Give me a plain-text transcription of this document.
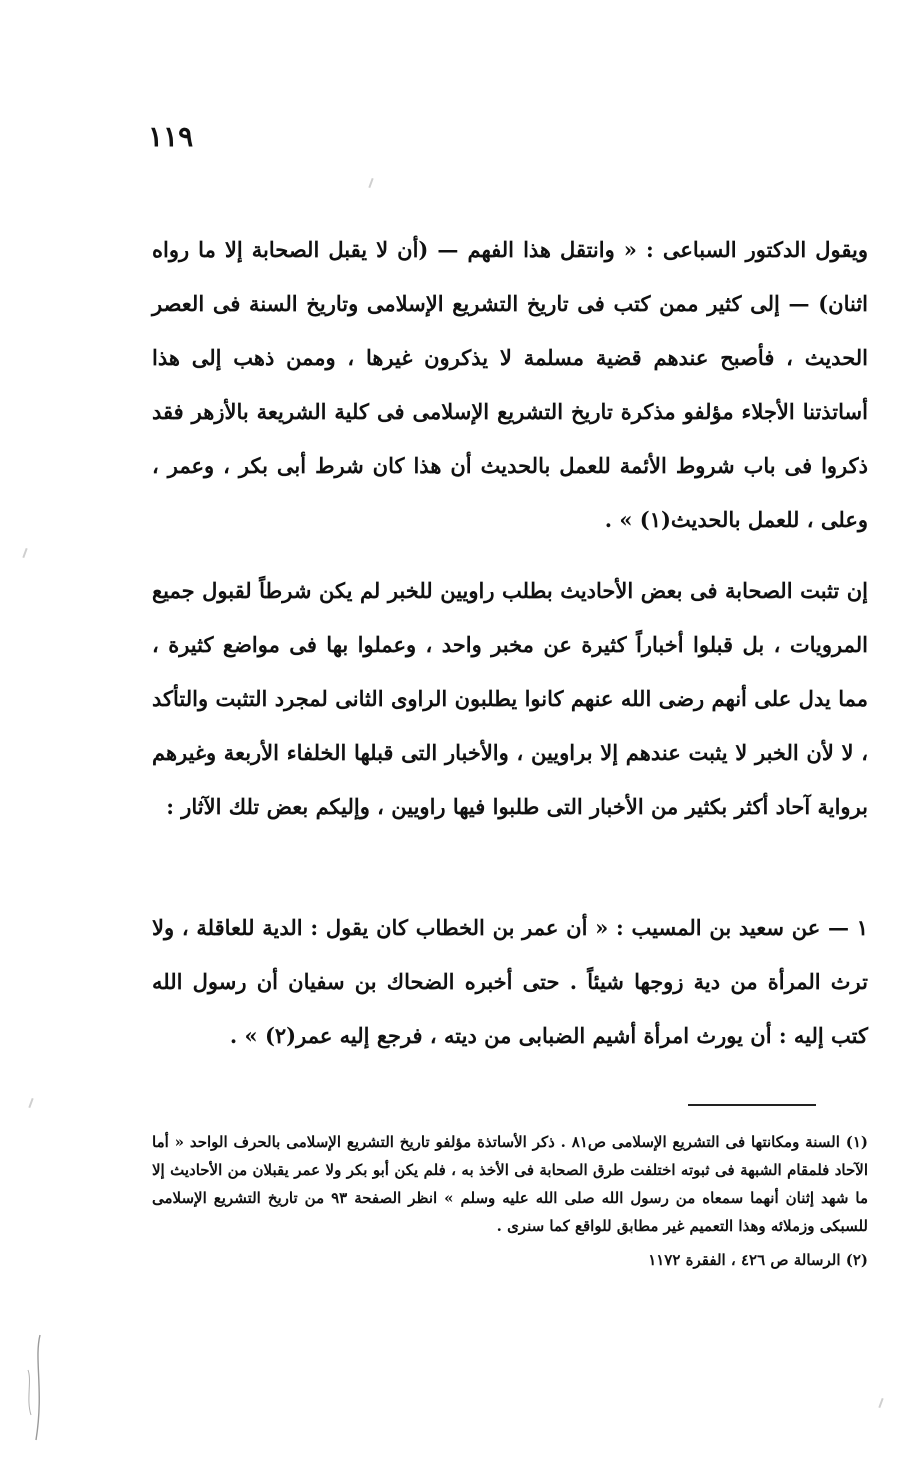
١١٩

ويقول الدكتور السباعى : « وانتقل هذا الفهم — (أن لا يقبل الصحابة إلا ما رواه اثنان) — إلى كثير ممن كتب فى تاريخ التشريع الإسلامى وتاريخ السنة فى العصر الحديث ، فأصبح عندهم قضية مسلمة لا يذكرون غيرها ، وممن ذهب إلى هذا أساتذتنا الأجلاء مؤلفو مذكرة تاريخ التشريع الإسلامى فى كلية الشريعة بالأزهر فقد ذكروا فى باب شروط الأئمة للعمل بالحديث أن هذا كان شرط أبى بكر ، وعمر ، وعلى ، للعمل بالحديث(١) » .

إن تثبت الصحابة فى بعض الأحاديث بطلب راويين للخبر لم يكن شرطاً لقبول جميع المرويات ، بل قبلوا أخباراً كثيرة عن مخبر واحد ، وعملوا بها فى مواضع كثيرة ، مما يدل على أنهم رضى الله عنهم كانوا يطلبون الراوى الثانى لمجرد التثبت والتأكد ، لا لأن الخبر لا يثبت عندهم إلا براويين ، والأخبار التى قبلها الخلفاء الأربعة وغيرهم برواية آحاد أكثر بكثير من الأخبار التى طلبوا فيها راويين ، وإليكم بعض تلك الآثار :

١ — عن سعيد بن المسيب : « أن عمر بن الخطاب كان يقول : الدية للعاقلة ، ولا ترث المرأة من دية زوجها شيئاً . حتى أخبره الضحاك بن سفيان أن رسول الله كتب إليه : أن يورث امرأة أشيم الضبابى من ديته ، فرجع إليه عمر(٢) » .

(١) السنة ومكانتها فى التشريع الإسلامى ص٨١ . ذكر الأساتذة مؤلفو تاريخ التشريع الإسلامى بالحرف الواحد « أما الآحاد فلمقام الشبهة فى ثبوته اختلفت طرق الصحابة فى الأخذ به ، فلم يكن أبو بكر ولا عمر يقبلان من الأحاديث إلا ما شهد إثنان أنهما سمعاه من رسول الله صلى الله عليه وسلم » انظر الصفحة ٩٣ من تاريخ التشريع الإسلامى للسبكى وزملائه وهذا التعميم غير مطابق للواقع كما سنرى .

(٢) الرسالة ص ٤٢٦ ، الفقرة ١١٧٢
